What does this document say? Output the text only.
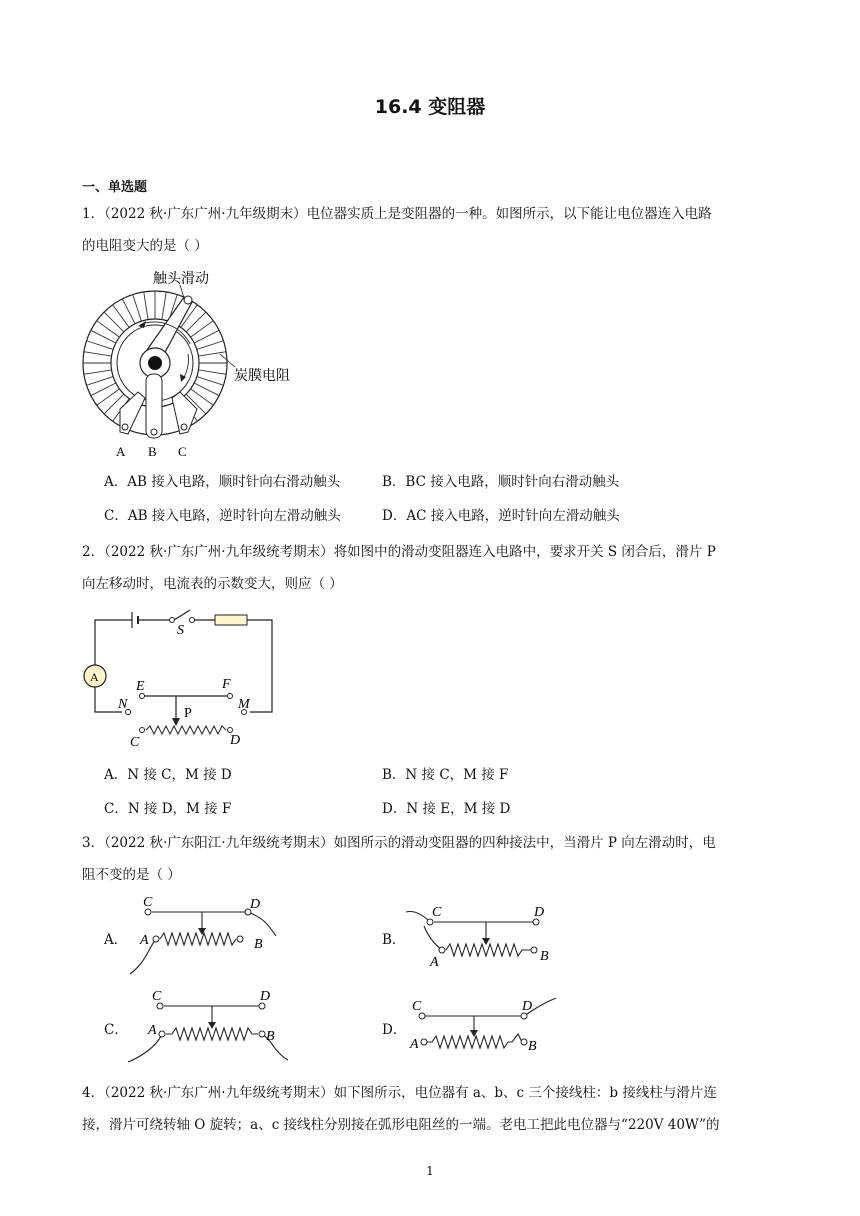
16.4 变阻器
一、单选题
1．（2022 秋·广东广州·九年级期末）电位器实质上是变阻器的一种。如图所示，以下能让电位器连入电路
的电阻变大的是（ ）
触头滑动
炭膜电阻
A B C
A．AB 接入电路，顺时针向右滑动触头	B．BC 接入电路，顺时针向右滑动触头
C．AB 接入电路，逆时针向左滑动触头	D．AC 接入电路，逆时针向左滑动触头
2．（2022 秋·广东广州·九年级统考期末）将如图中的滑动变阻器连入电路中，要求开关 S 闭合后，滑片 P
向左移动时，电流表的示数变大，则应（ ）
S
A
E	F
N	M
P
C	D
A．N 接 C，M 接 D	B．N 接 C，M 接 F
C．N 接 D，M 接 F	D．N 接 E，M 接 D
3．（2022 秋·广东阳江·九年级统考期末）如图所示的滑动变阻器的四种接法中，当滑片 P 向左滑动时，电
阻不变的是（ ）
A．
C	D
A	B	B．
C	D
A	B
C．
C	D
A	B	D．
C	D
A	B
4．（2022 秋·广东广州·九年级统考期末）如下图所示，电位器有 a、b、c 三个接线柱：b 接线柱与滑片连
接，滑片可绕转轴 O 旋转；a、c 接线柱分别接在弧形电阻丝的一端。老电工把此电位器与“220V 40W”的
1
